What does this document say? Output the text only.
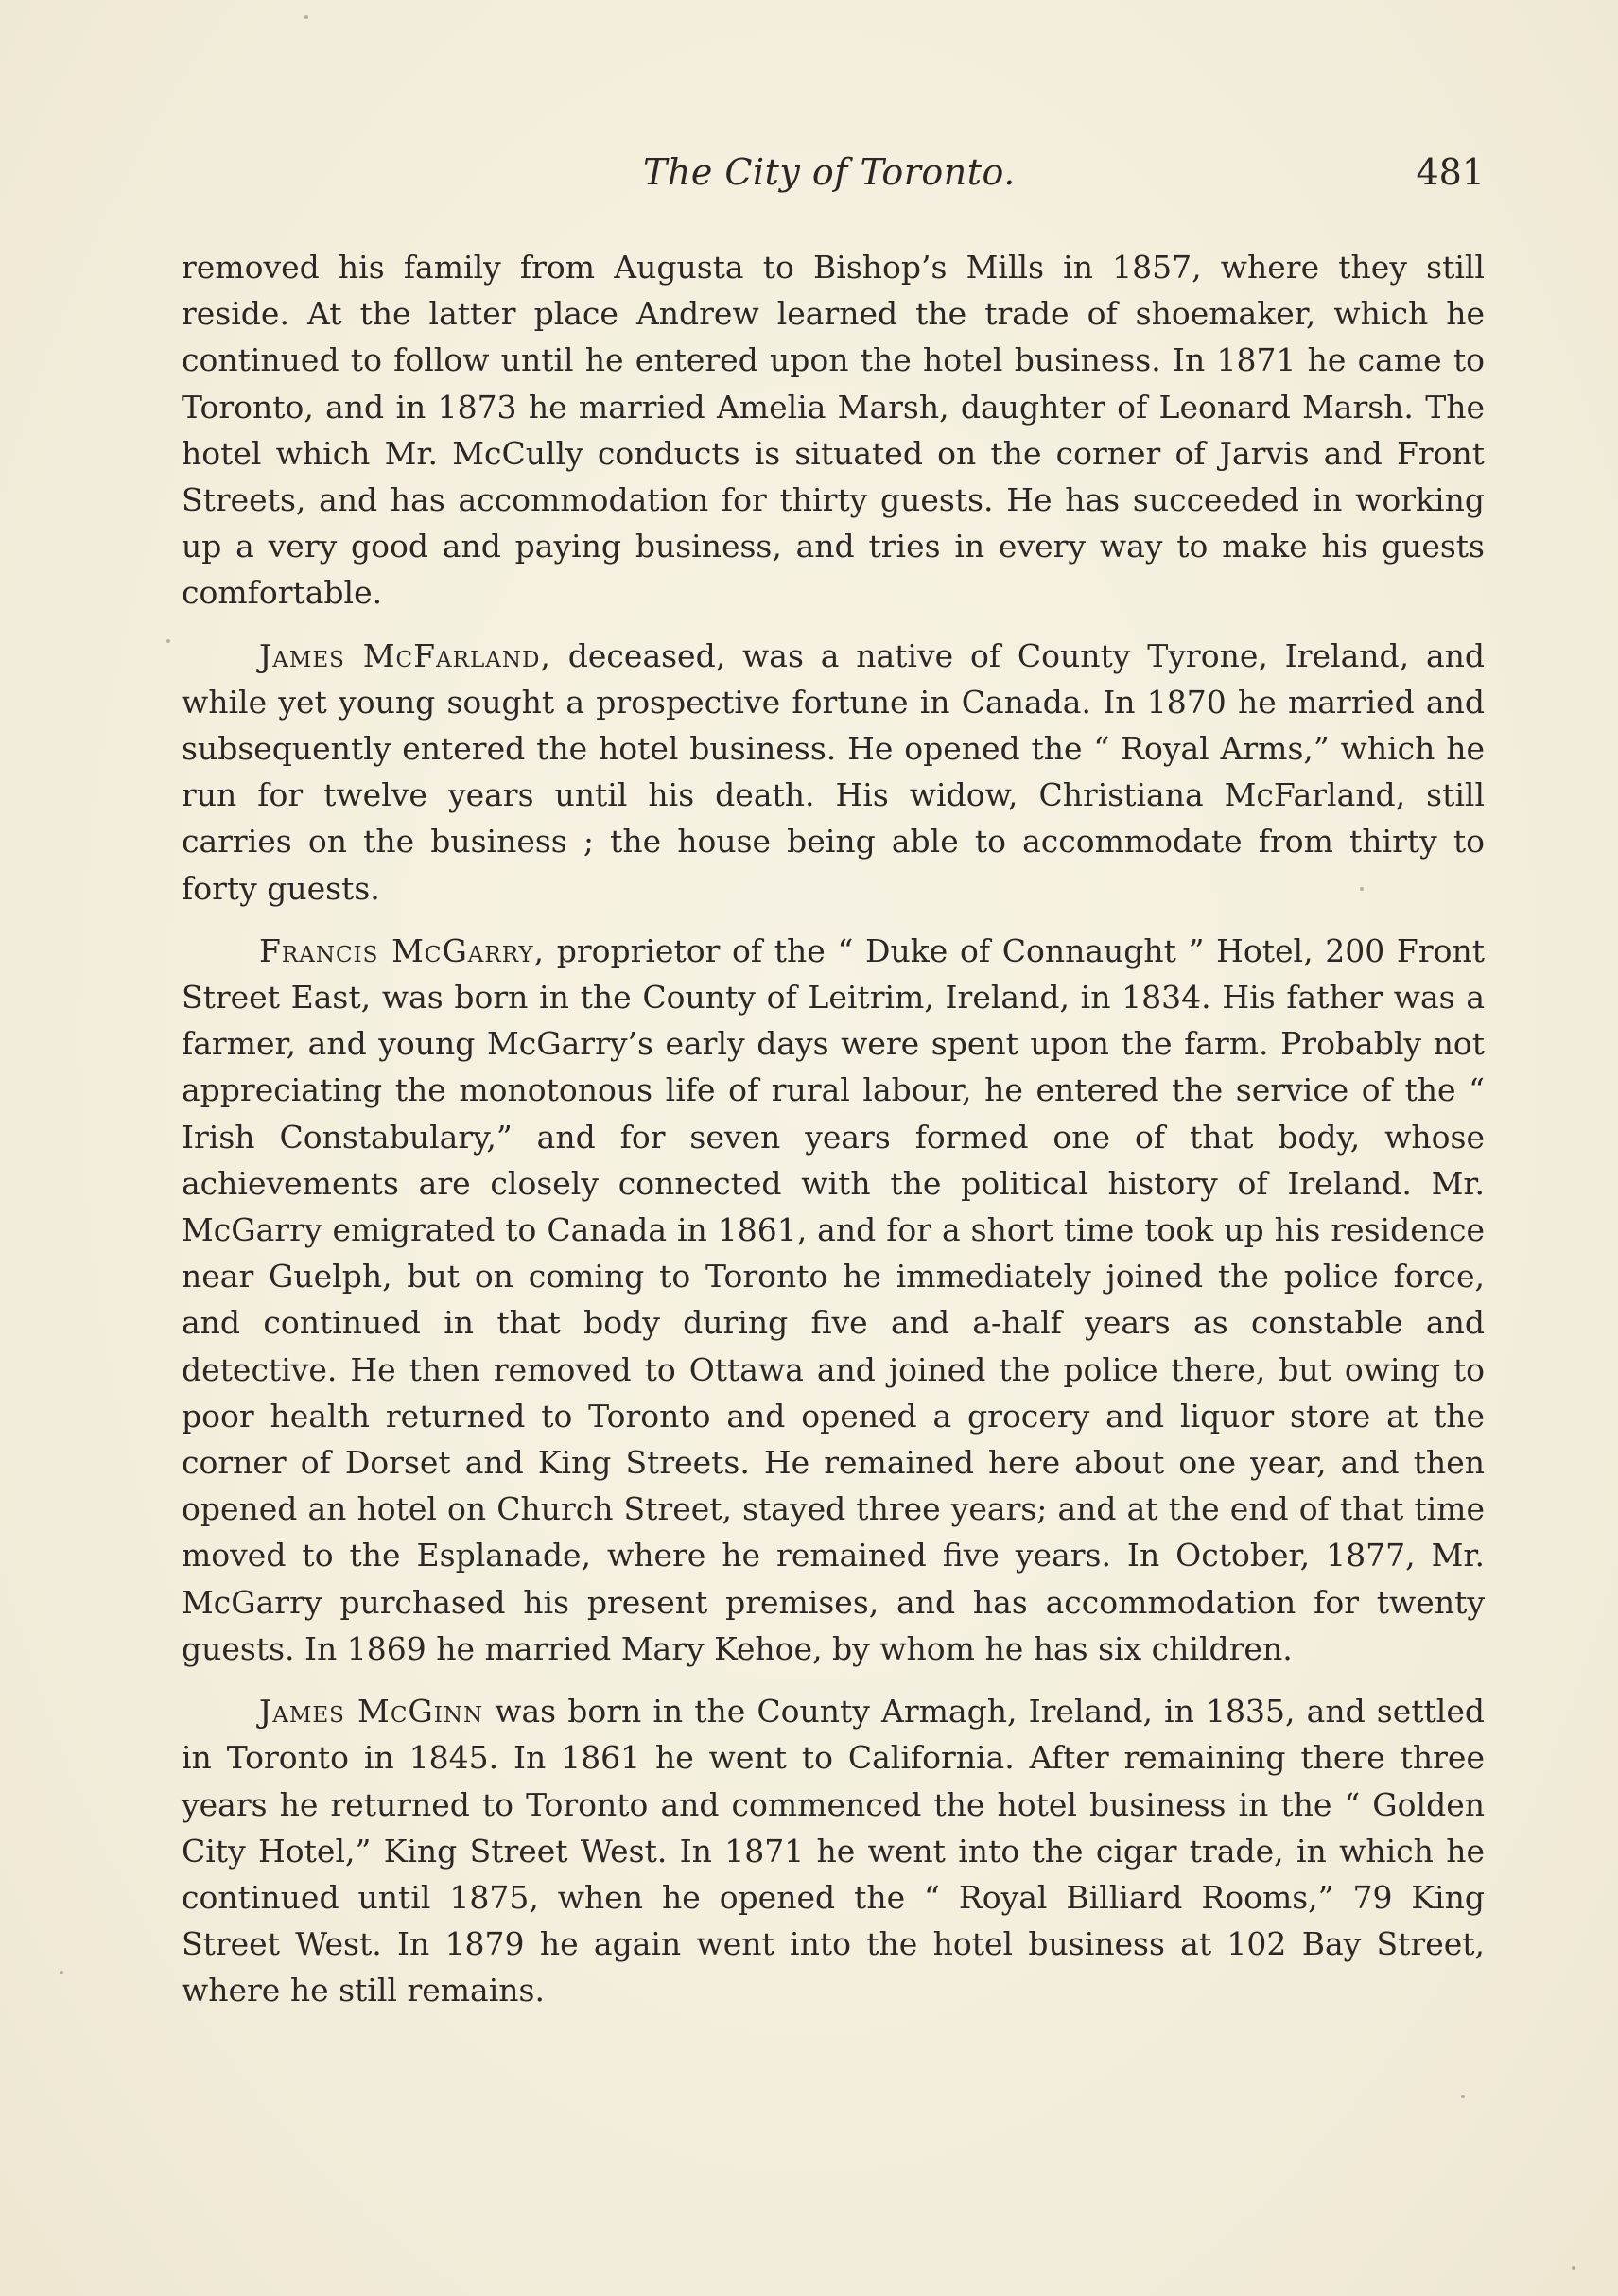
The City of Toronto.	481

removed his family from Augusta to Bishop’s Mills in 1857, where they still reside. At the latter place Andrew learned the trade of shoemaker, which he continued to follow until he entered upon the hotel business. In 1871 he came to Toronto, and in 1873 he married Amelia Marsh, daughter of Leonard Marsh. The hotel which Mr. McCully conducts is situated on the corner of Jarvis and Front Streets, and has accommodation for thirty guests. He has succeeded in working up a very good and paying business, and tries in every way to make his guests comfortable.

James McFarland, deceased, was a native of County Tyrone, Ireland, and while yet young sought a prospective fortune in Canada. In 1870 he married and subsequently entered the hotel business. He opened the “ Royal Arms,” which he run for twelve years until his death. His widow, Christiana McFarland, still carries on the business ; the house being able to accommodate from thirty to forty guests.

Francis McGarry, proprietor of the “ Duke of Connaught ” Hotel, 200 Front Street East, was born in the County of Leitrim, Ireland, in 1834. His father was a farmer, and young McGarry’s early days were spent upon the farm. Probably not appreciating the monotonous life of rural labour, he entered the service of the “ Irish Constabulary,” and for seven years formed one of that body, whose achievements are closely connected with the political history of Ireland. Mr. McGarry emigrated to Canada in 1861, and for a short time took up his residence near Guelph, but on coming to Toronto he immediately joined the police force, and continued in that body during five and a-half years as constable and detective. He then removed to Ottawa and joined the police there, but owing to poor health returned to Toronto and opened a grocery and liquor store at the corner of Dorset and King Streets. He remained here about one year, and then opened an hotel on Church Street, stayed three years; and at the end of that time moved to the Esplanade, where he remained five years. In October, 1877, Mr. McGarry purchased his present premises, and has accommodation for twenty guests. In 1869 he married Mary Kehoe, by whom he has six children.

James McGinn was born in the County Armagh, Ireland, in 1835, and settled in Toronto in 1845. In 1861 he went to California. After remaining there three years he returned to Toronto and commenced the hotel business in the “ Golden City Hotel,” King Street West. In 1871 he went into the cigar trade, in which he continued until 1875, when he opened the “ Royal Billiard Rooms,” 79 King Street West. In 1879 he again went into the hotel business at 102 Bay Street, where he still remains.
